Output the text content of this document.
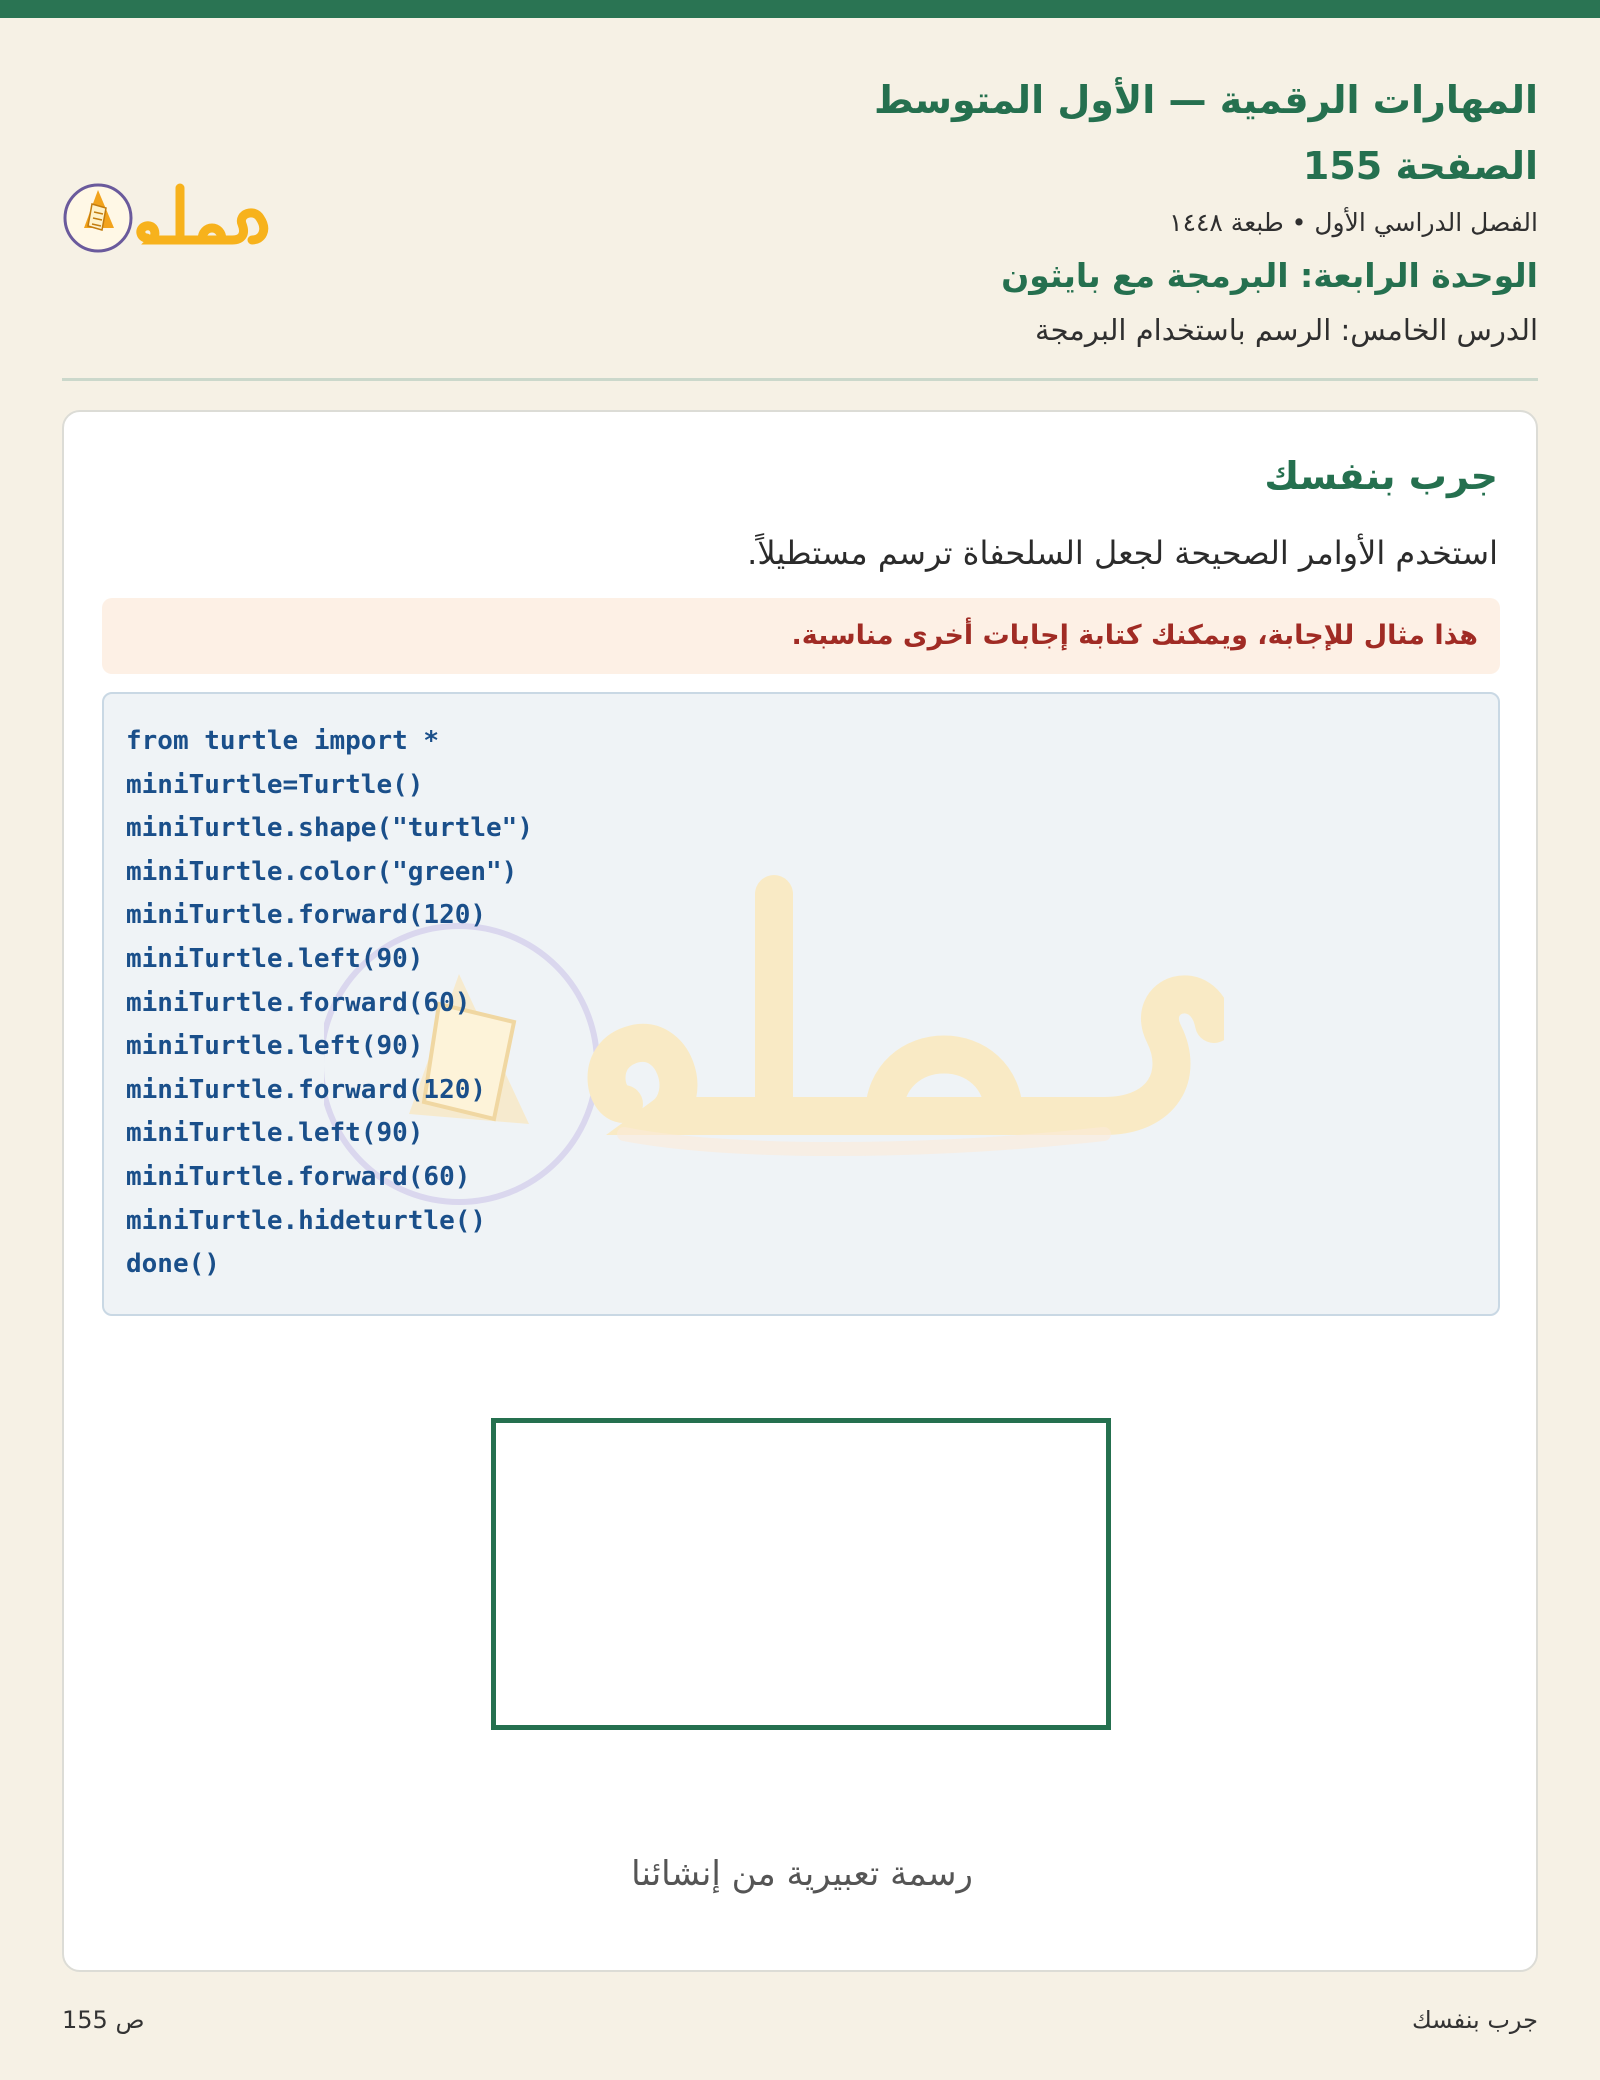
المهارات الرقمية — الأول المتوسط
الصفحة 155
الفصل الدراسي الأول • طبعة ١٤٤٨
الوحدة الرابعة: البرمجة مع بايثون
الدرس الخامس: الرسم باستخدام البرمجة
جرب بنفسك
استخدم الأوامر الصحيحة لجعل السلحفاة ترسم مستطيلاً.
هذا مثال للإجابة، ويمكنك كتابة إجابات أخرى مناسبة.
from turtle import *
miniTurtle=Turtle()
miniTurtle.shape("turtle")
miniTurtle.color("green")
miniTurtle.forward(120)
miniTurtle.left(90)
miniTurtle.forward(60)
miniTurtle.left(90)
miniTurtle.forward(120)
miniTurtle.left(90)
miniTurtle.forward(60)
miniTurtle.hideturtle()
done()
رسمة تعبيرية من إنشائنا
ص 155	جرب بنفسك
